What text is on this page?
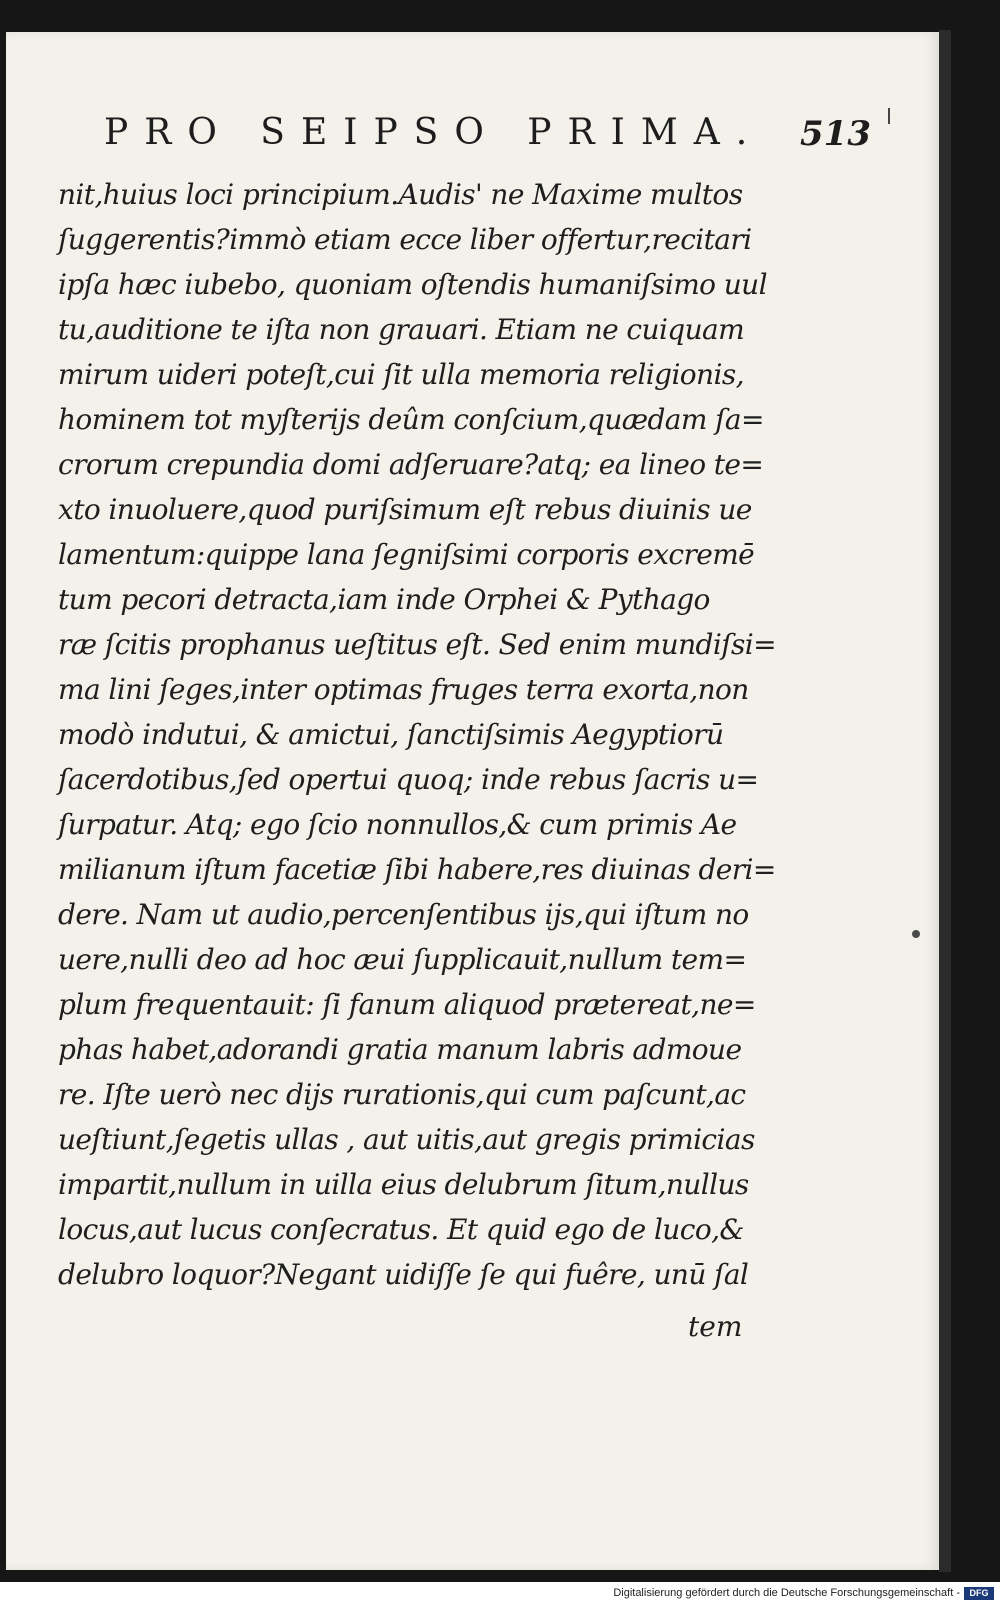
PRO SEIPSO PRIMA. 513
nit,huius loci principium.Audis' ne Maxime multos
ſuggerentis?immò etiam ecce liber offertur,recitari
ipſa hæc iubebo, quoniam oſtendis humaniſsimo uul
tu,auditione te iſta non grauari. Etiam ne cuiquam
mirum uideri poteſt,cui ſit ulla memoria religionis,
hominem tot myſterijs deûm conſcium,quædam ſa=
crorum crepundia domi adſeruare?atq; ea lineo te=
xto inuoluere,quod puriſsimum eſt rebus diuinis ue
lamentum:quippe lana ſegniſsimi corporis excremē
tum pecori detracta,iam inde Orphei & Pythago
ræ ſcitis prophanus ueſtitus eſt. Sed enim mundiſsi=
ma lini ſeges,inter optimas fruges terra exorta,non
modò indutui, & amictui, ſanctiſsimis Aegyptiorū
ſacerdotibus,ſed opertui quoq; inde rebus ſacris u=
ſurpatur. Atq; ego ſcio nonnullos,& cum primis Ae
milianum iſtum facetiæ ſibi habere,res diuinas deri=
dere. Nam ut audio,percenſentibus ijs,qui iſtum no
uere,nulli deo ad hoc æui ſupplicauit,nullum tem=
plum frequentauit: ſi fanum aliquod prætereat,ne=
phas habet,adorandi gratia manum labris admoue
re. Iſte uerò nec dijs rurationis,qui cum paſcunt,ac
ueſtiunt,ſegetis ullas , aut uitis,aut gregis primicias
impartit,nullum in uilla eius delubrum ſitum,nullus
locus,aut lucus conſecratus. Et quid ego de luco,&
delubro loquor?Negant uidiſſe ſe qui fuêre, unū ſal
tem
Digitalisierung gefördert durch die Deutsche Forschungsgemeinschaft -	DFG
